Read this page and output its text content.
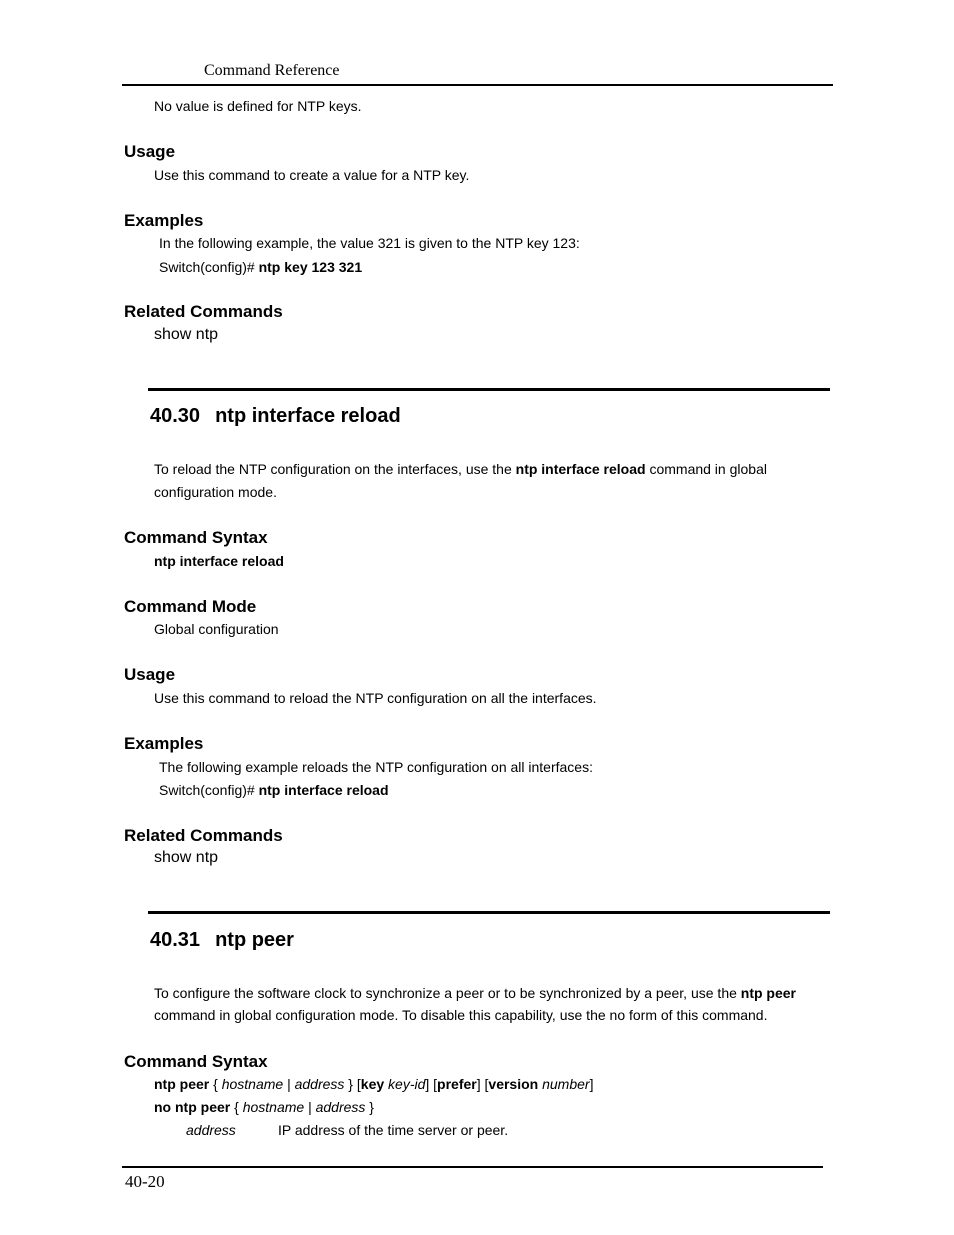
Command Reference
No value is defined for NTP keys.
Usage
Use this command to create a value for a NTP key.
Examples
In the following example, the value 321 is given to the NTP key 123:
Switch(config)# ntp key 123 321
Related Commands
show ntp
40.30 ntp interface reload
To reload the NTP configuration on the interfaces, use the ntp interface reload command in global
configuration mode.
Command Syntax
ntp interface reload
Command Mode
Global configuration
Usage
Use this command to reload the NTP configuration on all the interfaces.
Examples
The following example reloads the NTP configuration on all interfaces:
Switch(config)# ntp interface reload
Related Commands
show ntp
40.31 ntp peer
To configure the software clock to synchronize a peer or to be synchronized by a peer, use the ntp peer
command in global configuration mode. To disable this capability, use the no form of this command.
Command Syntax
ntp peer { hostname | address } [key key-id] [prefer] [version number]
no ntp peer { hostname | address }
address	IP address of the time server or peer.
40-20
